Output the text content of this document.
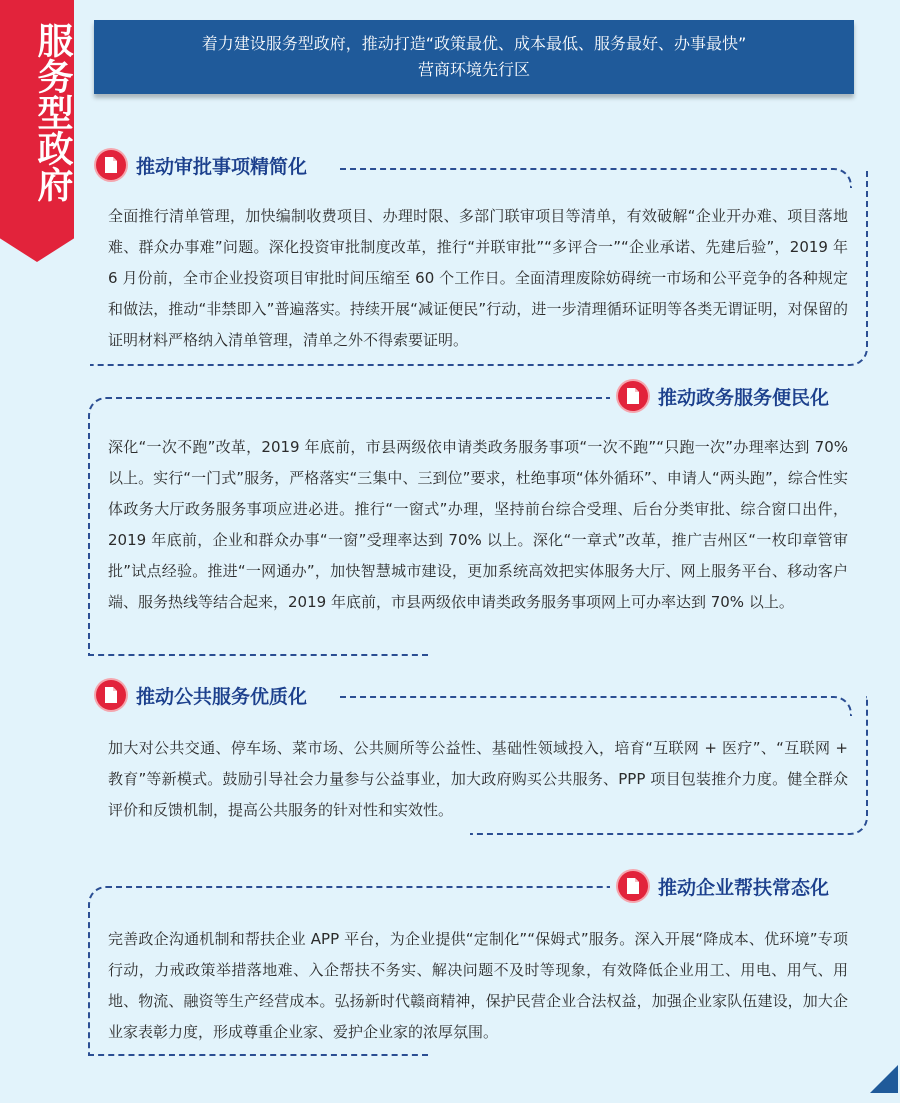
服务型政府	着力建设服务型政府，推动打造“政策最优、成本最低、服务最好、办事最快”
营商环境先行区
推动审批事项精简化

全面推行清单管理，加快编制收费项目、办理时限、多部门联审项目等清单，有效破解“企业开办难、项目落地难、群众办事难”问题。深化投资审批制度改革，推行“并联审批”“多评合一”“企业承诺、先建后验”，2019 年 6 月份前，全市企业投资项目审批时间压缩至 60 个工作日。全面清理废除妨碍统一市场和公平竞争的各种规定和做法，推动“非禁即入”普遍落实。持续开展“减证便民”行动，进一步清理循环证明等各类无谓证明，对保留的证明材料严格纳入清单管理，清单之外不得索要证明。

推动政务服务便民化

深化“一次不跑”改革，2019 年底前，市县两级依申请类政务服务事项“一次不跑”“只跑一次”办理率达到 70% 以上。实行“一门式”服务，严格落实“三集中、三到位”要求，杜绝事项“体外循环”、申请人“两头跑”，综合性实体政务大厅政务服务事项应进必进。推行“一窗式”办理，坚持前台综合受理、后台分类审批、综合窗口出件，2019 年底前，企业和群众办事“一窗”受理率达到 70% 以上。深化“一章式”改革，推广吉州区“一枚印章管审批”试点经验。推进“一网通办”，加快智慧城市建设，更加系统高效把实体服务大厅、网上服务平台、移动客户端、服务热线等结合起来，2019 年底前，市县两级依申请类政务服务事项网上可办率达到 70% 以上。

推动公共服务优质化

加大对公共交通、停车场、菜市场、公共厕所等公益性、基础性领域投入，培育“互联网 + 医疗”、“互联网 + 教育”等新模式。鼓励引导社会力量参与公益事业，加大政府购买公共服务、PPP 项目包装推介力度。健全群众评价和反馈机制，提高公共服务的针对性和实效性。

推动企业帮扶常态化

完善政企沟通机制和帮扶企业 APP 平台，为企业提供“定制化”“保姆式”服务。深入开展“降成本、优环境”专项行动，力戒政策举措落地难、入企帮扶不务实、解决问题不及时等现象，有效降低企业用工、用电、用气、用地、物流、融资等生产经营成本。弘扬新时代赣商精神，保护民营企业合法权益，加强企业家队伍建设，加大企业家表彰力度，形成尊重企业家、爱护企业家的浓厚氛围。
